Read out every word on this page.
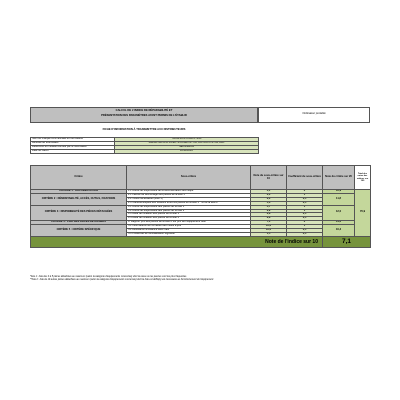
CALCUL DE L'INDICE DE RÉPARABILITÉ ET
PRÉSENTATION DES PARAMÈTRES AYANT PERMIS DE L'ÉTABLIR
Ordinateur portable
FICHE D'INFORMATION À TRANSMETTRE AUX DISTRIBUTEURS
Nom ou marque commerciale du fournisseur	THOMSON COMPUTING
Adresse du fournisseur	IMMEUBLE CAPE WORK WILLIAM, 2 BOULEVARD DE L'OISE, 95000 CERGY-PONTOISE, France
Référence du modèle donnée par le fournisseur	NEO14BK64
Date du calcul	26/11/2020
Critère	Sous-critère	Note du sous-critère sur 10	Coefficient du sous-critère	Note du critère sur 20	Total des notes des critères sur 100
CRITÈRE 1 : DOCUMENTATION	1.1 Durée de disponibilité de la documentation technique	4,1	2	16,9	70,9
CRITÈRE 2 : DÉMONTABILITÉ, ACCÈS, OUTILS, FIXATIONS	2.1 Facilité de démontage des pièces de la liste 1*	6,0	1	11,8	
	2.2 Outils nécessaires (liste 1)	6,0	0,5		
	2.3 Caractéristiques des fixations entre les pièces de la liste 1** et de la liste 2	5,3	0,5		
CRITÈRE 3 : DISPONIBILITÉ DES PIÈCES DÉTACHÉES	3.1 Durée de disponibilité des pièces de la liste 1	5,7	1	12,0	
	3.2 Durée de disponibilité des pièces de la liste 2	6,9	1		
	3.3 Délai de livraison des pièces de la liste 1	6,8	0,5		
	3.4 Délai de livraison des pièces de la liste 2	6,8	0,5		
CRITÈRE 4 : PRIX DES PIÈCES DÉTACHÉES	4. Rapport prix des pièces de la liste 2 sur prix de l'équipement neuf	7,0	2	14,0	
CRITÈRE 5 : CRITÈRE SPÉCIFIQUE	5.1 Informations sur la nature des mises à jour	10,0	1	16,3	
	5.2 Assistance à distance sans frais	10,0	0,5		
	5.3 Possibilité de réinitialisation logicielle	1,5	0,5		
Note de l'indice sur 10				7,1	
*liste 1 : liste des 3 à 5 pièces détachées au maximum (selon la catégorie d'équipements concernée) dont la casse ou les pannes sont les plus fréquentes.
**liste 2 : liste de 10 autres pièces détachées au maximum (selon la catégorie d'équipements concernée) dont la liste est défini(e) est nécessaire au fonctionnement de l'équipement.
